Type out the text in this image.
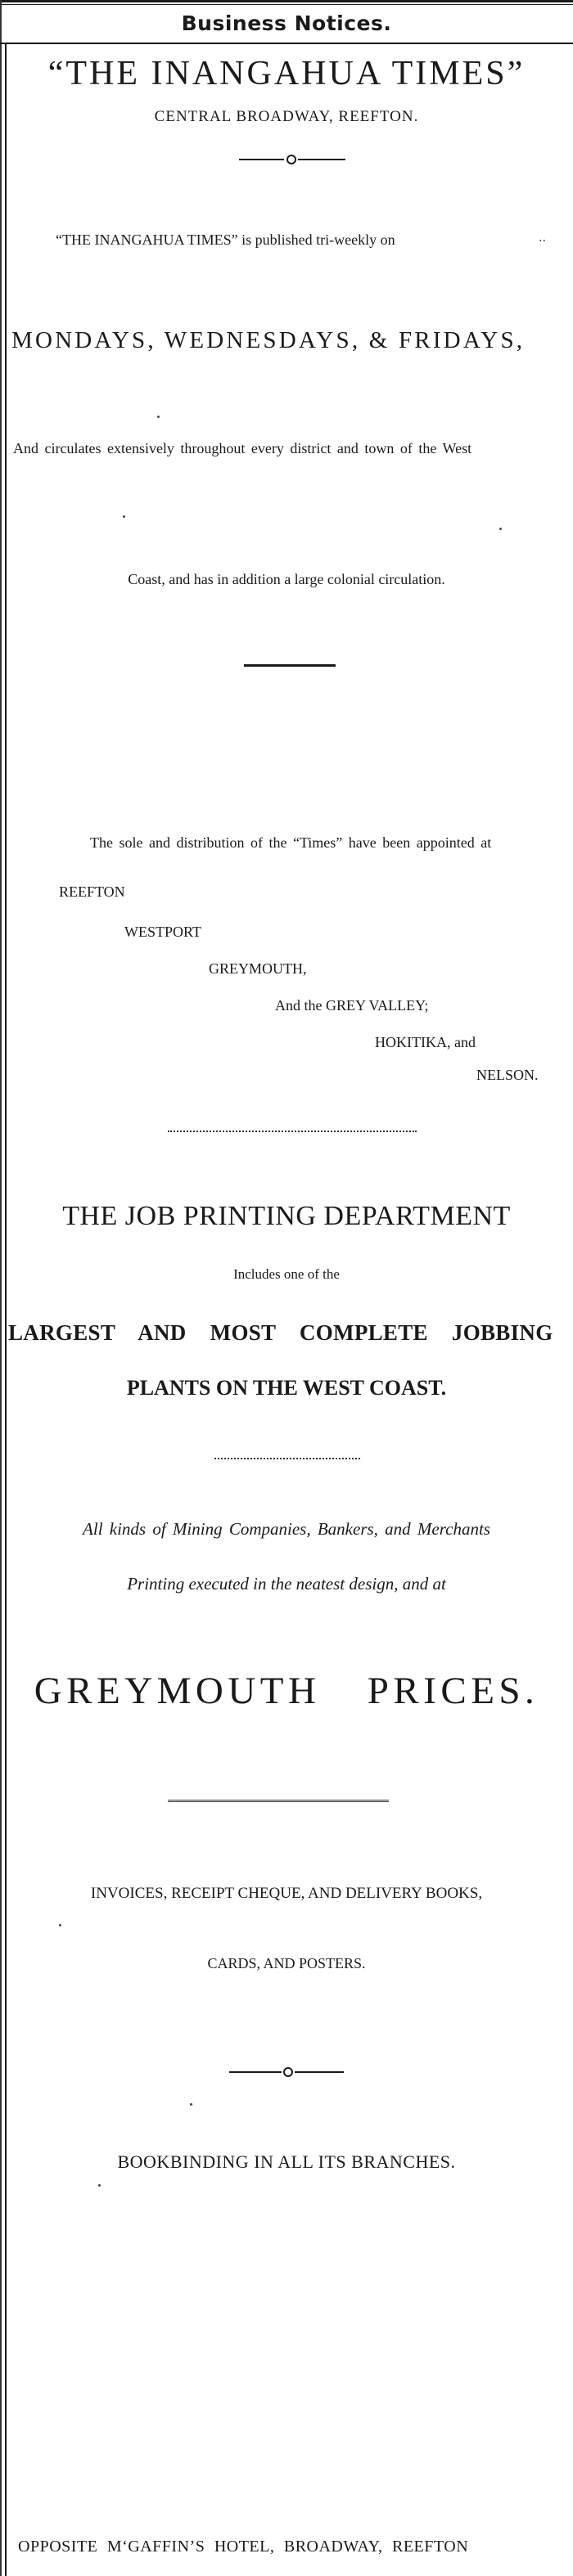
Business Notices.
“THE INANGAHUA TIMES”
CENTRAL BROADWAY, REEFTON.
“THE INANGAHUA TIMES” is published tri-weekly on	..
MONDAYS, WEDNESDAYS, & FRIDAYS,
And circulates extensively throughout every district and town of the West
Coast, and has in addition a large colonial circulation.
The sole and distribution of the “Times” have been appointed at
REEFTON
WESTPORT
GREYMOUTH,
And the GREY VALLEY;
HOKITIKA, and
NELSON.
THE JOB PRINTING DEPARTMENT
Includes one of the
LARGEST AND MOST COMPLETE JOBBING
PLANTS ON THE WEST COAST.
All kinds of Mining Companies, Bankers, and Merchants
Printing executed in the neatest design, and at
GREYMOUTH PRICES.
INVOICES, RECEIPT CHEQUE, AND DELIVERY BOOKS,
CARDS, AND POSTERS.
BOOKBINDING IN ALL ITS BRANCHES.
OPPOSITE M‘GAFFIN’S HOTEL, BROADWAY, REEFTON
